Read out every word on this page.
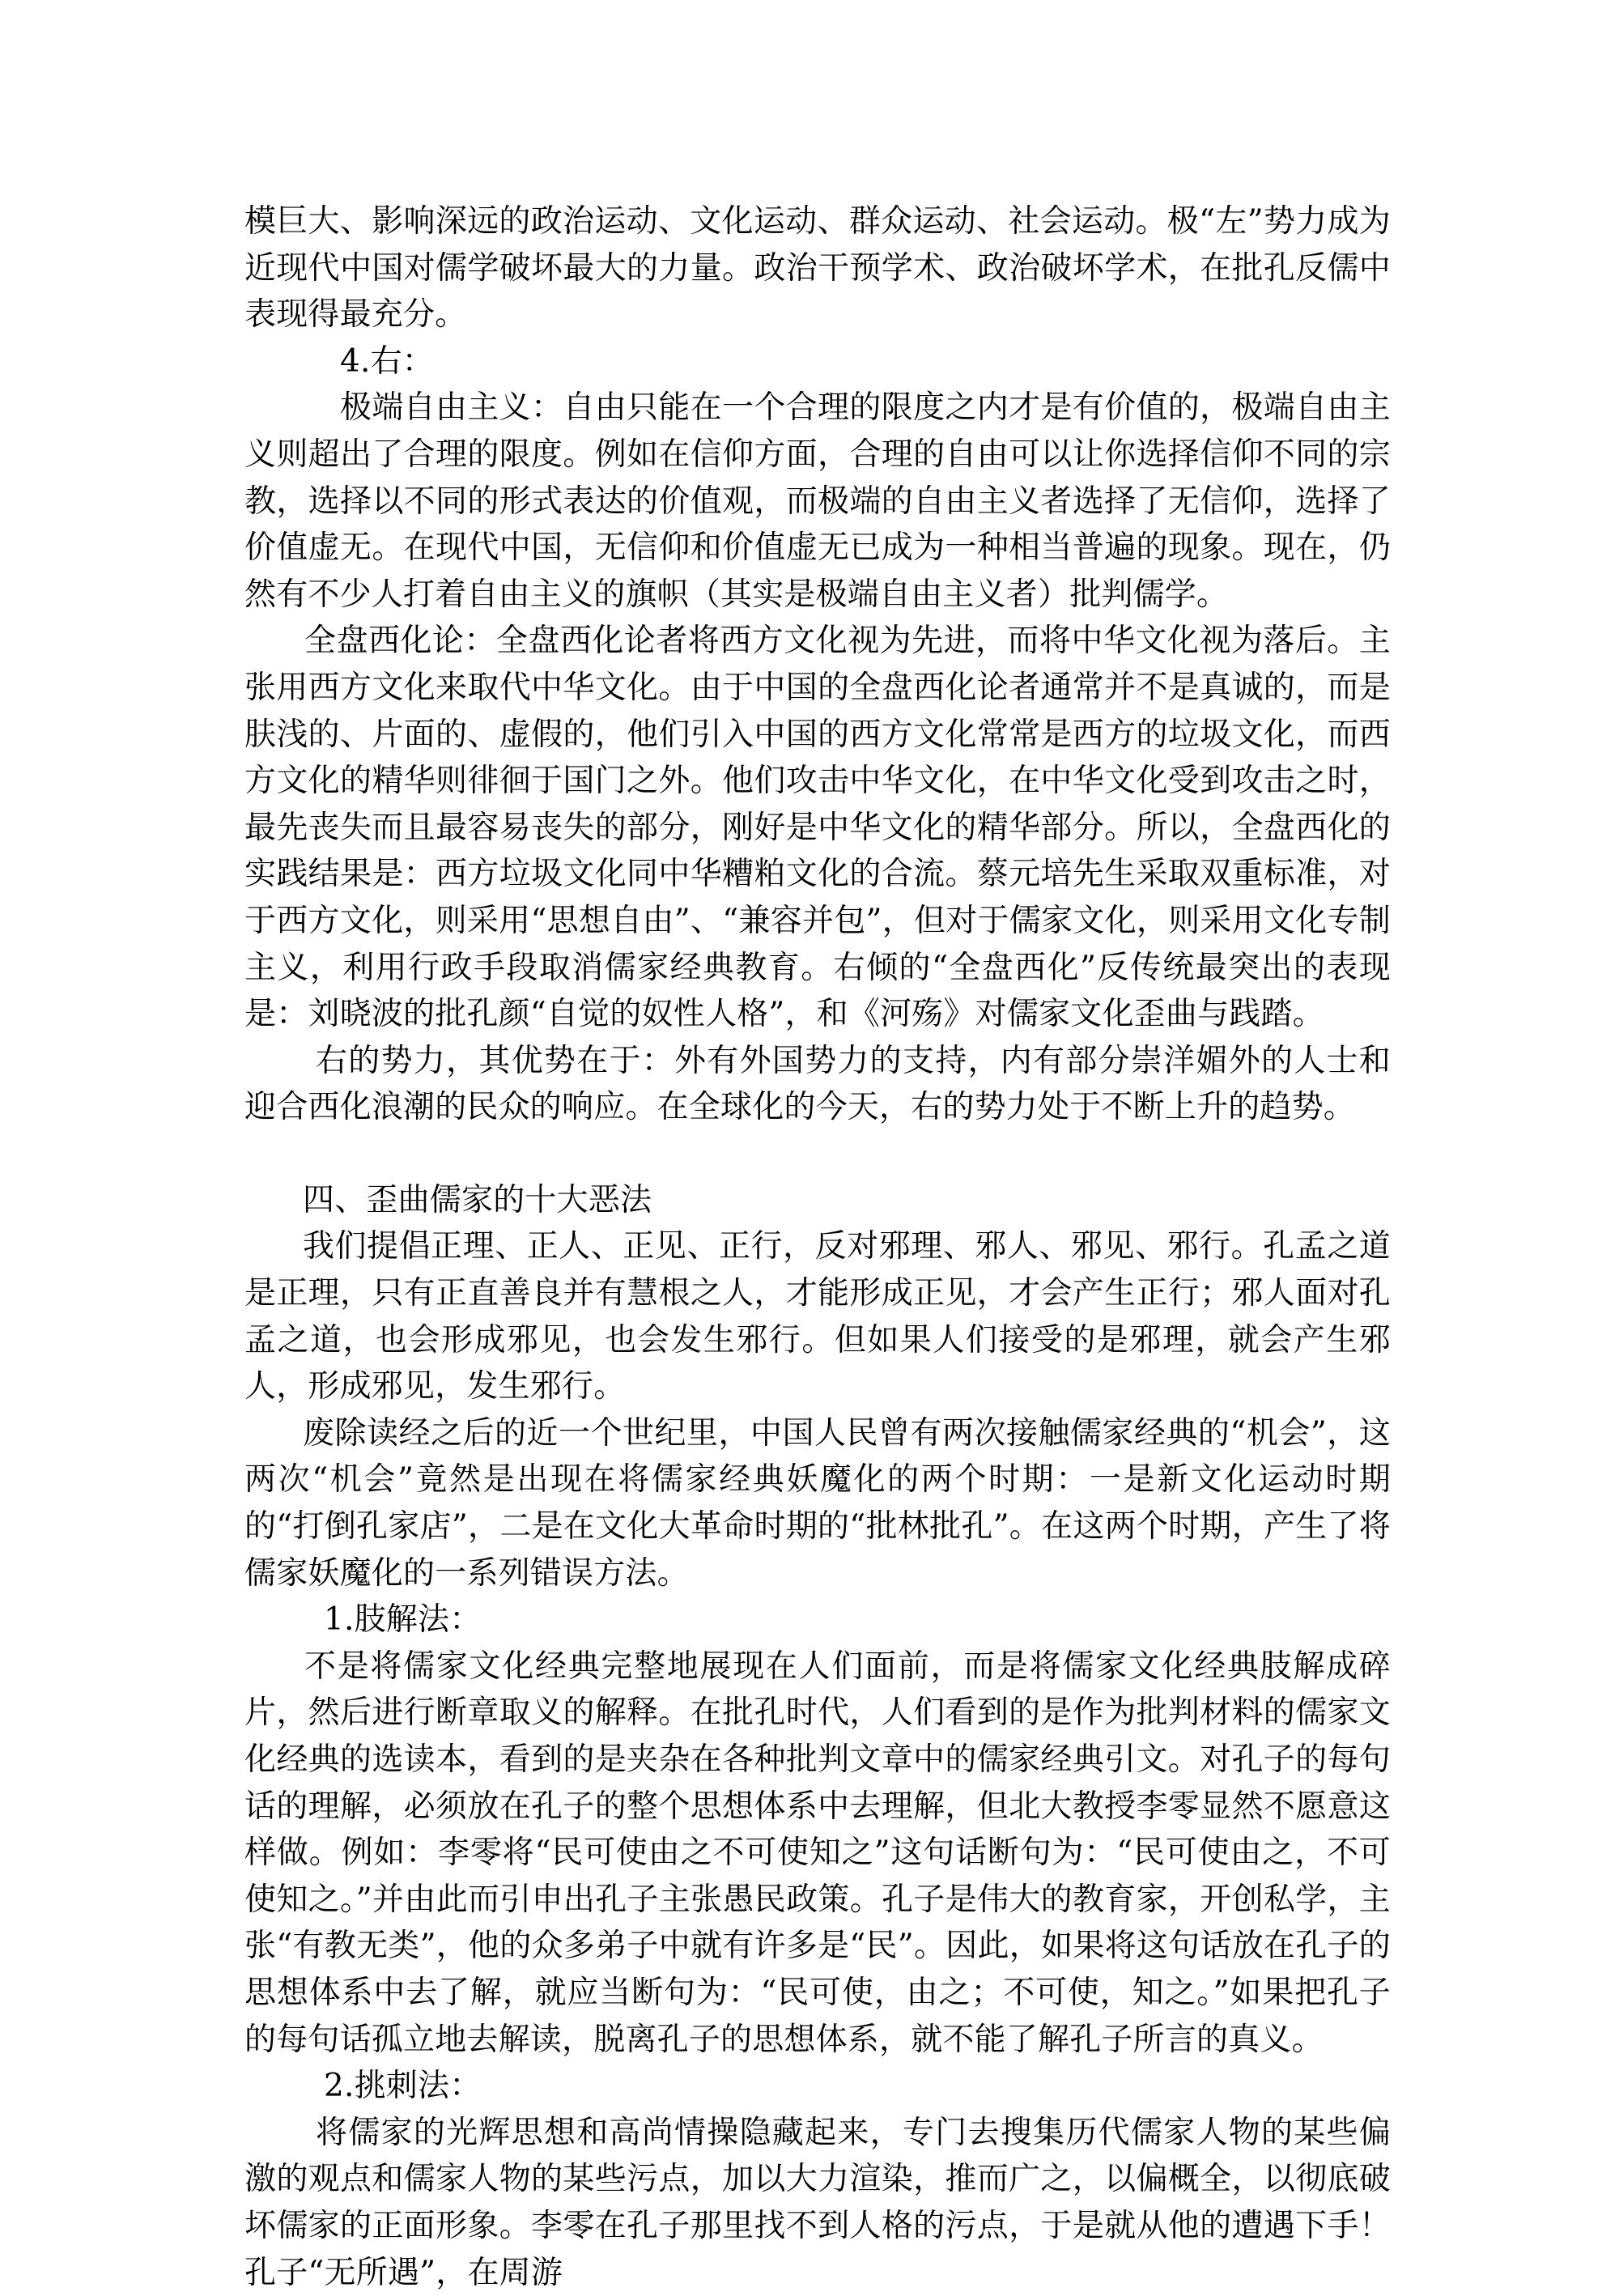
模巨大、影响深远的政治运动、文化运动、群众运动、社会运动。极“左”势力成为近现代中国对儒学破坏最大的力量。政治干预学术、政治破坏学术，在批孔反儒中表现得最充分。

4.右：

极端自由主义：自由只能在一个合理的限度之内才是有价值的，极端自由主义则超出了合理的限度。例如在信仰方面，合理的自由可以让你选择信仰不同的宗教，选择以不同的形式表达的价值观，而极端的自由主义者选择了无信仰，选择了价值虚无。在现代中国，无信仰和价值虚无已成为一种相当普遍的现象。现在，仍然有不少人打着自由主义的旗帜（其实是极端自由主义者）批判儒学。

全盘西化论：全盘西化论者将西方文化视为先进，而将中华文化视为落后。主张用西方文化来取代中华文化。由于中国的全盘西化论者通常并不是真诚的，而是肤浅的、片面的、虚假的，他们引入中国的西方文化常常是西方的垃圾文化，而西方文化的精华则徘徊于国门之外。他们攻击中华文化，在中华文化受到攻击之时，最先丧失而且最容易丧失的部分，刚好是中华文化的精华部分。所以，全盘西化的实践结果是：西方垃圾文化同中华糟粕文化的合流。蔡元培先生采取双重标准，对于西方文化，则采用“思想自由”、“兼容并包”，但对于儒家文化，则采用文化专制主义，利用行政手段取消儒家经典教育。右倾的“全盘西化”反传统最突出的表现是：刘晓波的批孔颜“自觉的奴性人格”，和《河殇》对儒家文化歪曲与践踏。

右的势力，其优势在于：外有外国势力的支持，内有部分崇洋媚外的人士和迎合西化浪潮的民众的响应。在全球化的今天，右的势力处于不断上升的趋势。

四、歪曲儒家的十大恶法

我们提倡正理、正人、正见、正行，反对邪理、邪人、邪见、邪行。孔孟之道是正理，只有正直善良并有慧根之人，才能形成正见，才会产生正行；邪人面对孔孟之道，也会形成邪见，也会发生邪行。但如果人们接受的是邪理，就会产生邪人，形成邪见，发生邪行。

废除读经之后的近一个世纪里，中国人民曾有两次接触儒家经典的“机会”，这两次“机会”竟然是出现在将儒家经典妖魔化的两个时期：一是新文化运动时期的“打倒孔家店”，二是在文化大革命时期的“批林批孔”。在这两个时期，产生了将儒家妖魔化的一系列错误方法。

1.肢解法：

不是将儒家文化经典完整地展现在人们面前，而是将儒家文化经典肢解成碎片，然后进行断章取义的解释。在批孔时代，人们看到的是作为批判材料的儒家文化经典的选读本，看到的是夹杂在各种批判文章中的儒家经典引文。对孔子的每句话的理解，必须放在孔子的整个思想体系中去理解，但北大教授李零显然不愿意这样做。例如：李零将“民可使由之不可使知之”这句话断句为：“民可使由之，不可使知之。”并由此而引申出孔子主张愚民政策。孔子是伟大的教育家，开创私学，主张“有教无类”，他的众多弟子中就有许多是“民”。因此，如果将这句话放在孔子的思想体系中去了解，就应当断句为：“民可使，由之；不可使，知之。”如果把孔子的每句话孤立地去解读，脱离孔子的思想体系，就不能了解孔子所言的真义。

2.挑刺法：

将儒家的光辉思想和高尚情操隐藏起来，专门去搜集历代儒家人物的某些偏激的观点和儒家人物的某些污点，加以大力渲染，推而广之，以偏概全，以彻底破坏儒家的正面形象。李零在孔子那里找不到人格的污点，于是就从他的遭遇下手！孔子“无所遇”，在周游
